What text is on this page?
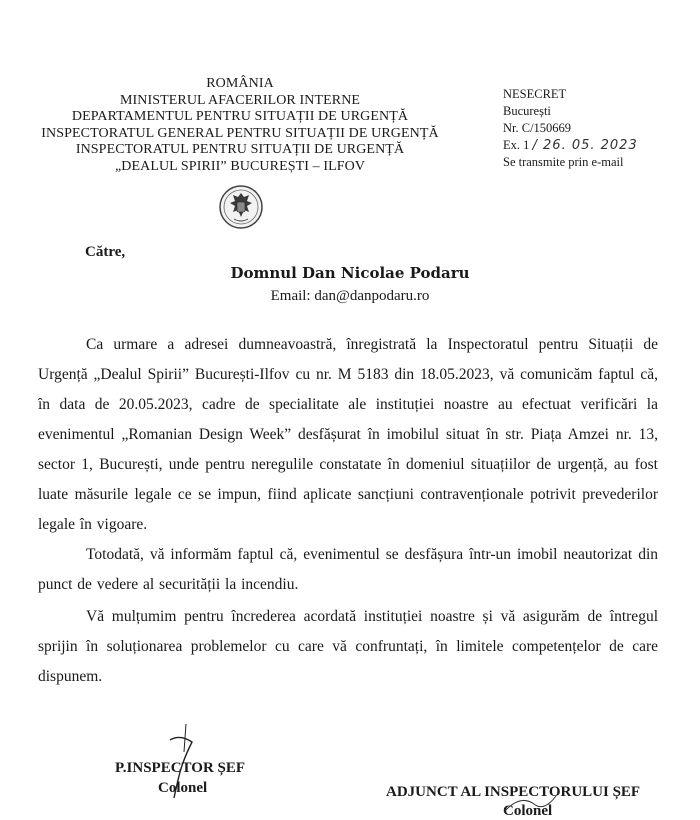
ROMÂNIA
MINISTERUL AFACERILOR INTERNE
DEPARTAMENTUL PENTRU SITUAȚII DE URGENȚĂ
INSPECTORATUL GENERAL PENTRU SITUAȚII DE URGENȚĂ
INSPECTORATUL PENTRU SITUAȚII DE URGENȚĂ
„DEALUL SPIRII” BUCUREȘTI – ILFOV
NESECRET
București
Nr. C/150669
Ex. 1 / 26. 05. 2023
Se transmite prin e-mail
Către,
Domnul Dan Nicolae Podaru
Email: dan@danpodaru.ro
Ca urmare a adresei dumneavoastră, înregistrată la Inspectoratul pentru Situații de Urgență „Dealul Spirii” București-Ilfov cu nr. M 5183 din 18.05.2023, vă comunicăm faptul că, în data de 20.05.2023, cadre de specialitate ale instituției noastre au efectuat verificări la evenimentul „Romanian Design Week” desfășurat în imobilul situat în str. Piața Amzei nr. 13, sector 1, București, unde pentru neregulile constatate în domeniul situațiilor de urgență, au fost luate măsurile legale ce se impun, fiind aplicate sancțiuni contravenționale potrivit prevederilor legale în vigoare.
Totodată, vă informăm faptul că, evenimentul se desfășura într-un imobil neautorizat din punct de vedere al securității la incendiu.
Vă mulțumim pentru încrederea acordată instituției noastre și vă asigurăm de întregul sprijin în soluționarea problemelor cu care vă confruntați, în limitele competențelor de care dispunem.
P.INSPECTOR ȘEF
Colonel	ADJUNCT AL INSPECTORULUI ȘEF
Colonel
